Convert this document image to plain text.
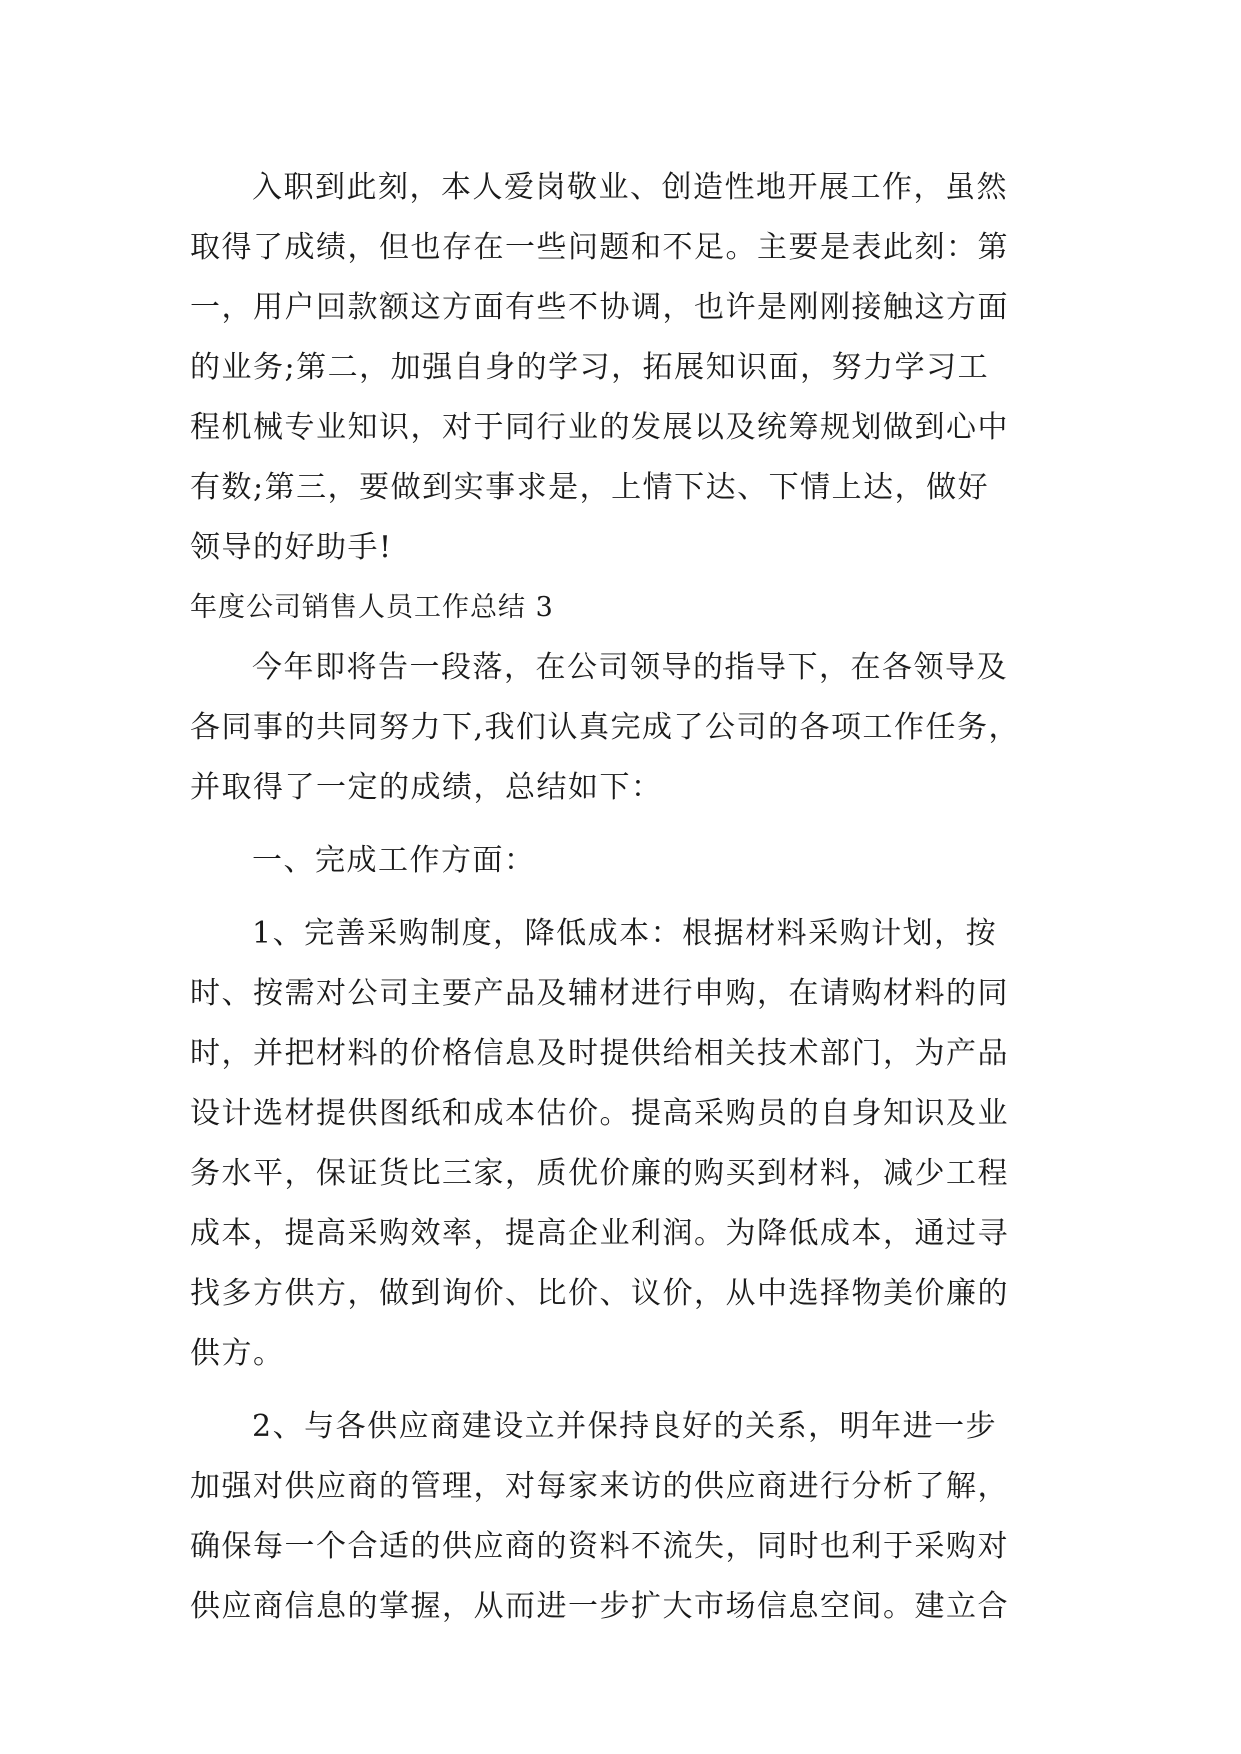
入职到此刻，本人爱岗敬业、创造性地开展工作，虽然
取得了成绩，但也存在一些问题和不足。主要是表此刻：第
一，用户回款额这方面有些不协调，也许是刚刚接触这方面
的业务;第二，加强自身的学习，拓展知识面，努力学习工
程机械专业知识，对于同行业的发展以及统筹规划做到心中
有数;第三，要做到实事求是，上情下达、下情上达，做好
领导的好助手!
年度公司销售人员工作总结 3
今年即将告一段落，在公司领导的指导下，在各领导及
各同事的共同努力下,我们认真完成了公司的各项工作任务，
并取得了一定的成绩，总结如下：
一、完成工作方面：
1、完善采购制度，降低成本：根据材料采购计划，按
时、按需对公司主要产品及辅材进行申购，在请购材料的同
时，并把材料的价格信息及时提供给相关技术部门，为产品
设计选材提供图纸和成本估价。提高采购员的自身知识及业
务水平，保证货比三家，质优价廉的购买到材料，减少工程
成本，提高采购效率，提高企业利润。为降低成本，通过寻
找多方供方，做到询价、比价、议价，从中选择物美价廉的
供方。
2、与各供应商建设立并保持良好的关系，明年进一步
加强对供应商的管理，对每家来访的供应商进行分析了解，
确保每一个合适的供应商的资料不流失，同时也利于采购对
供应商信息的掌握，从而进一步扩大市场信息空间。建立合
